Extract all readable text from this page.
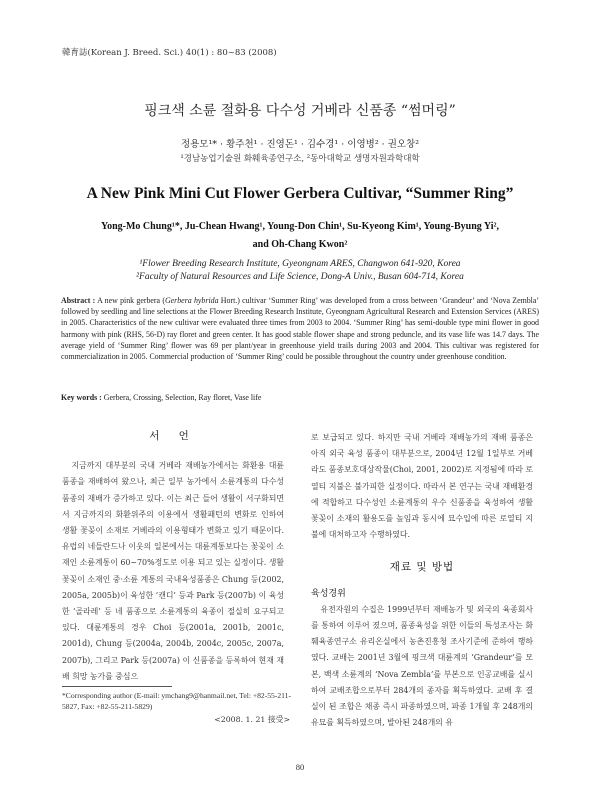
韓育誌(Korean J. Breed. Sci.) 40(1) : 80~83 (2008)
핑크색 소륜 절화용 다수성 거베라 신품종 “썸머링”
정용모¹* · 황주천¹ · 진영돈¹ · 김수경¹ · 이영병² · 권오창²
¹경남농업기술원 화훼육종연구소, ²동아대학교 생명자원과학대학
A New Pink Mini Cut Flower Gerbera Cultivar, “Summer Ring”
Yong-Mo Chung¹*, Ju-Chean Hwang¹, Young-Don Chin¹, Su-Kyeong Kim¹, Young-Byung Yi²,
and Oh-Chang Kwon²
¹Flower Breeding Research Institute, Gyeongnam ARES, Changwon 641-920, Korea
²Faculty of Natural Resources and Life Science, Dong-A Univ., Busan 604-714, Korea
Abstract : A new pink gerbera (Gerbera hybrida Hort.) cultivar ‘Summer Ring’ was developed from a cross between ‘Grandeur’ and ‘Nova Zembla’ followed by seedling and line selections at the Flower Breeding Research Institute, Gyeongnam Agricultural Research and Extension Services (ARES) in 2005. Characteristics of the new cultivar were evaluated three times from 2003 to 2004. ‘Summer Ring’ has semi-double type mini flower in good harmony with pink (RHS, 56-D) ray floret and green center. It has good stable flower shape and strong peduncle, and its vase life was 14.7 days. The average yield of ‘Summer Ring’ flower was 69 per plant/year in greenhouse yield trails during 2003 and 2004. This cultivar was registered for commercialization in 2005. Commercial production of ‘Summer Ring’ could be possible throughout the country under greenhouse condition.
Key words : Gerbera, Crossing, Selection, Ray floret, Vase life
서 언

지금까지 대부분의 국내 거베라 재배농가에서는 화환용 대륜 품종을 재배하여 왔으나, 최근 일부 농가에서 소륜계통의 다수성 품종의 재배가 증가하고 있다. 이는 최근 들어 생활이 서구화되면서 지금까지의 화환위주의 이용에서 생활패턴의 변화로 인하여 생활 꽃꽂이 소재로 거베라의 이용형태가 변화고 있기 때문이다. 유럽의 네들란드나 이웃의 일본에서는 대륜계통보다는 꽃꽂이 소재인 소륜계통이 60~70%정도로 이용 되고 있는 실정이다. 생활꽃꽂이 소재인 중·소륜 계통의 국내육성품종은 Chung 등(2002, 2005a, 2005b)이 육성한 ‘캔디’ 등과 Park 등(2007b) 이 육성한 ‘골라레’ 등 네 품종으로 소륜계통의 육종이 절실히 요구되고 있다. 대륜계통의 경우 Choi 등(2001a, 2001b, 2001c, 2001d), Chung 등(2004a, 2004b, 2004c, 2005c, 2007a, 2007b), 그리고 Park 등(2007a) 이 신품종을 등록하여 현재 재배 희망 농가를 중심으

로 보급되고 있다. 하지만 국내 거베라 재배농가의 재배 품종은 아직 외국 육성 품종이 대부분으로, 2004년 12월 1일부로 거베라도 품종보호대상작물(Choi, 2001, 2002)로 지정됨에 따라 로열티 지불은 불가피한 실정이다. 따라서 본 연구는 국내 재배환경에 적합하고 다수성인 소륜계통의 우수 신품종을 육성하여 생활꽃꽂이 소재의 활용도를 높임과 동시에 묘수입에 따른 로열티 지불에 대처하고자 수행하였다.

재료 및 방법
육성경위

유전자원의 수집은 1999년부터 재배농가 및 외국의 육종회사를 통하여 이루어 졌으며, 품종육성을 위한 이들의 특성조사는 화훼육종연구소 유리온실에서 농촌진흥청 조사기준에 준하여 행하였다. 교배는 2001년 3월에 핑크색 대륜계의 ‘Grandeur’를 모본, 백색 소륜계의 ‘Nova Zembla’를 부본으로 인공교배를 실시하여 교배조합으로부터 284개의 종자를 획득하였다. 교배 후 결실이 된 조합은 채종 즉시 파종하였으며, 파종 1개월 후 248개의 유묘를 획득하였으며, 발아된 248개의 유

*Corresponding author (E-mail: ymchang9@hanmail.net, Tel: +82-55-211-5827, Fax: +82-55-211-5829)
<2008. 1. 21 接受>
80
